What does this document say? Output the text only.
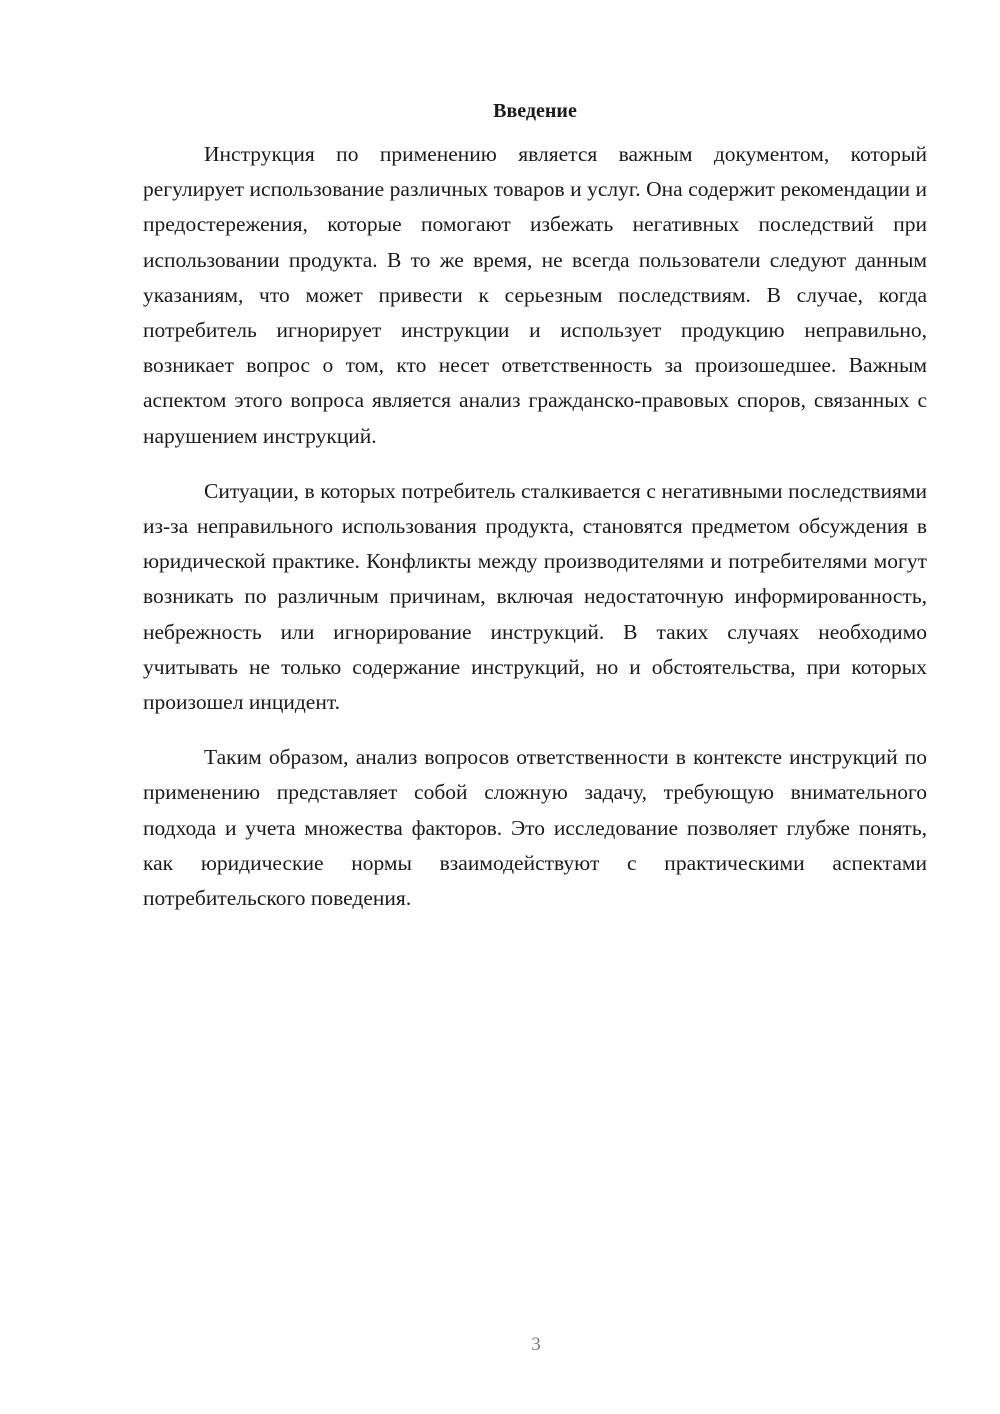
Введение

Инструкция по применению является важным документом, который регулирует использование различных товаров и услуг. Она содержит рекомендации и предостережения, которые помогают избежать негативных последствий при использовании продукта. В то же время, не всегда пользователи следуют данным указаниям, что может привести к серьезным последствиям. В случае, когда потребитель игнорирует инструкции и использует продукцию неправильно, возникает вопрос о том, кто несет ответственность за произошедшее. Важным аспектом этого вопроса является анализ гражданско-правовых споров, связанных с нарушением инструкций.

Ситуации, в которых потребитель сталкивается с негативными последствиями из-за неправильного использования продукта, становятся предметом обсуждения в юридической практике. Конфликты между производителями и потребителями могут возникать по различным причинам, включая недостаточную информированность, небрежность или игнорирование инструкций. В таких случаях необходимо учитывать не только содержание инструкций, но и обстоятельства, при которых произошел инцидент.

Таким образом, анализ вопросов ответственности в контексте инструкций по применению представляет собой сложную задачу, требующую внимательного подхода и учета множества факторов. Это исследование позволяет глубже понять, как юридические нормы взаимодействуют с практическими аспектами потребительского поведения.

3
